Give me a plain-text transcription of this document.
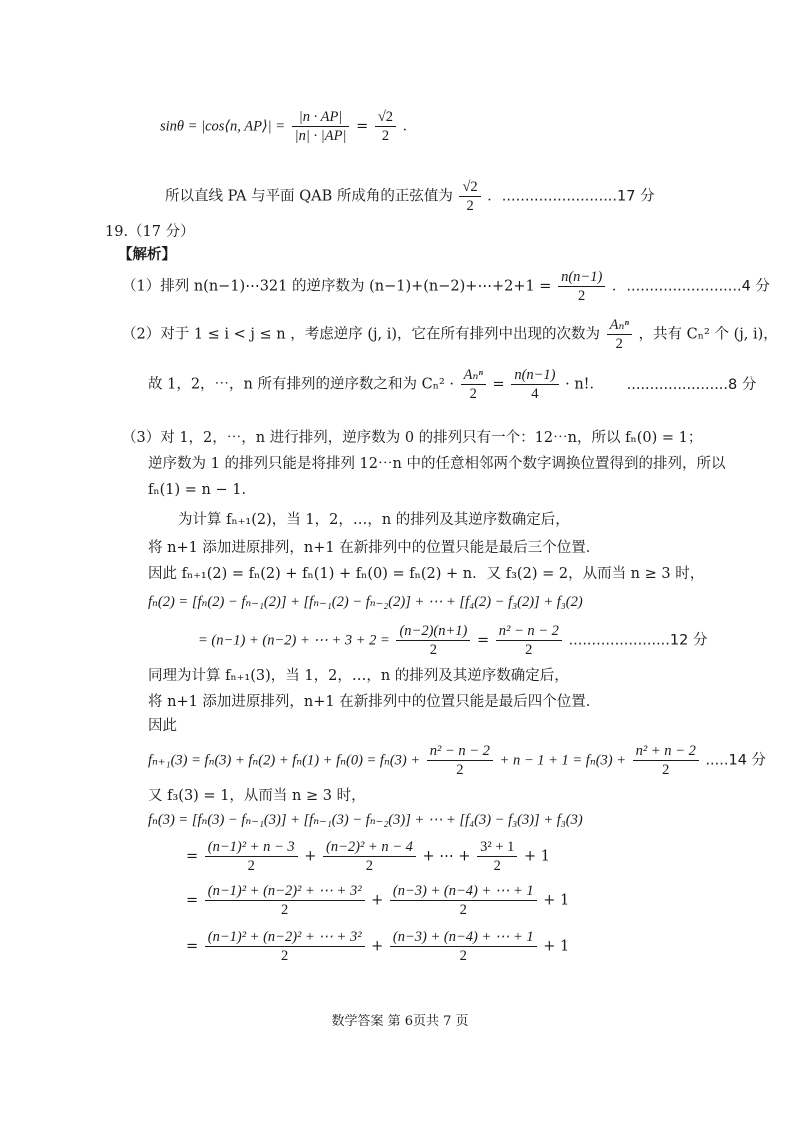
sinθ = |cos⟨n, AP⟩| = $\frac{|n \cdot AP|}{|n| \cdot |AP|} = \frac{√2}{2}$ ．
所以直线 PA 与平面 QAB 所成角的正弦值为 $\frac{√2}{2}$ ．.........................17 分
19.（17 分）
【解析】
（1）排列 n(n−1)⋯321 的逆序数为 (n−1)+(n−2)+⋯+2+1 = $\frac{n(n-1)}{2}$ ．.........................4 分
（2）对于 1 ≤ i < j ≤ n ，考虑逆序 (j, i)，它在所有排列中出现的次数为 $\frac{\text{Aₙⁿ}}{2}$ ，共有 Cₙ² 个 (j, i)，
故 1，2，⋯，n 所有排列的逆序数之和为 $C_n^2 \cdot \frac{\text{Aₙⁿ}}{2} = \frac{n(n-1)}{4} \cdot n$!． ......................8 分
（3）对 1，2，⋯，n 进行排列，逆序数为 0 的排列只有一个：12⋯n，所以 fₙ(0) = 1；
逆序数为 1 的排列只能是将排列 12⋯n 中的任意相邻两个数字调换位置得到的排列，所以
fₙ(1) = n − 1．
为计算 fₙ₊₁(2)，当 1，2，…，n 的排列及其逆序数确定后，
将 n+1 添加进原排列，n+1 在新排列中的位置只能是最后三个位置．
因此 fₙ₊₁(2) = fₙ(2) + fₙ(1) + fₙ(0) = fₙ(2) + n．又 f₃(2) = 2，从而当 n ≥ 3 时，
fₙ(2) = [fₙ(2) − fₙ₋₁(2)] + [fₙ₋₁(2) − fₙ₋₂(2)] + ⋯ + [f₄(2) − f₃(2)] + f₃(2)
= (n−1) + (n−2) + ⋯ + $3 + 2 = \frac{(n-2)(n+1)}{2} = \frac{\text{n² − n − 2}}{2} ......................12$ 分
同理为计算 fₙ₊₁(3)，当 1，2，…，n 的排列及其逆序数确定后，
将 n+1 添加进原排列，n+1 在新排列中的位置只能是最后四个位置．
因此
$f_{n+1}(3) = f_n(3) + f_n(2) + f_n(1) + f_n(0) = f_n(3) + \frac{\text{n² − n − 2}}{2} + n - 1 + 1 = f_n(3) + \frac{\text{n² + n − 2}}{2} .....14$ 分
又 f₃(3) = 1，从而当 n ≥ 3 时，
fₙ(3) = [fₙ(3) − fₙ₋₁(3)] + [fₙ₋₁(3) − fₙ₋₂(3)] + ⋯ + [f₄(3) − f₃(3)] + f₃(3)
= $\frac{\text{(n−1)² + n − 3}}{2} + \frac{\text{(n−2)² + n − 4}}{2}$ + ⋯ + $\frac{\text{3² + 1}}{2} + 1$
= $\frac{\text{(n−1)² + (n−2)² + ⋯ + 3²}}{2} + \frac{(n-3) + (n-4) + \cdots + 1}{2} + 1$
= $\frac{\text{(n−1)² + (n−2)² + ⋯ + 3²}}{2} + \frac{(n-3) + (n-4) + \cdots + 1}{2} + 1$
数学答案 第 6页共 7 页
